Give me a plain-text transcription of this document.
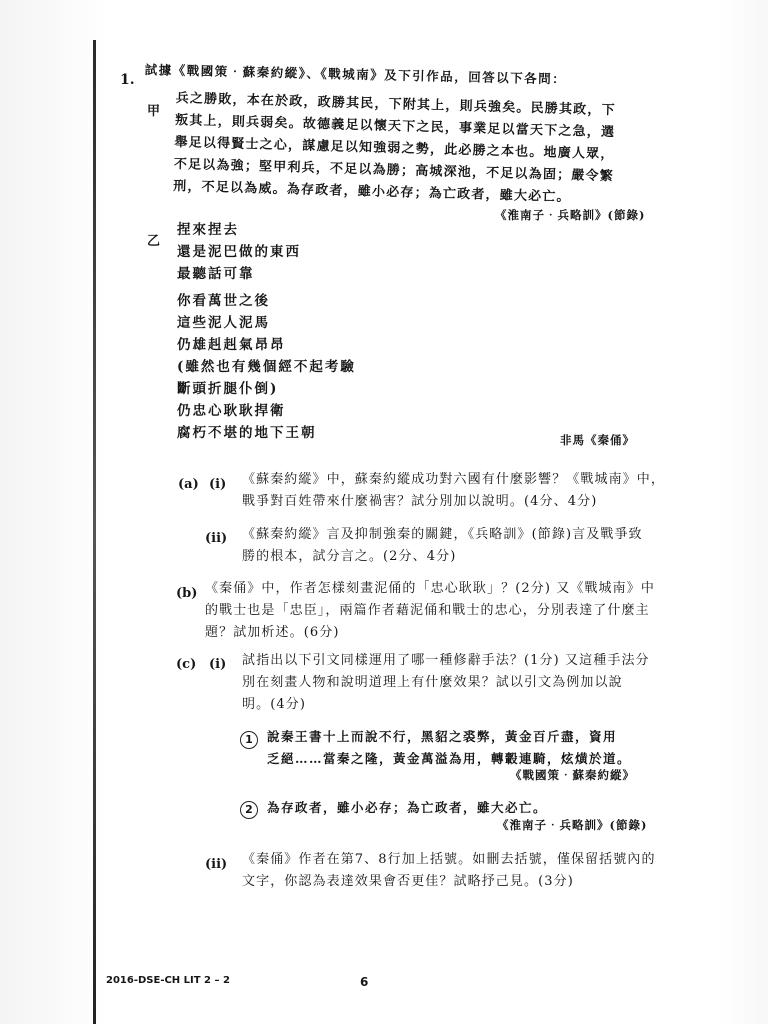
1. 試據《戰國策‧蘇秦約縱》、《戰城南》及下引作品，回答以下各問：
甲 兵之勝敗，本在於政，政勝其民，下附其上，則兵強矣。民勝其政，下
叛其上，則兵弱矣。故德義足以懷天下之民，事業足以當天下之急，選
舉足以得賢士之心，謀慮足以知強弱之勢，此必勝之本也。地廣人眾，
不足以為強；堅甲利兵，不足以為勝；高城深池，不足以為固；嚴令繁
刑，不足以為威。為存政者，雖小必存；為亡政者，雖大必亡。
《淮南子‧兵略訓》(節錄)
乙
捏來捏去
還是泥巴做的東西
最聽話可靠
你看萬世之後
這些泥人泥馬
仍雄赳赳氣昂昂
(雖然也有幾個經不起考驗
斷頭折腿仆倒)
仍忠心耿耿捍衛
腐朽不堪的地下王朝	非馬《秦俑》
(a) (i) 《蘇秦約縱》中，蘇秦約縱成功對六國有什麼影響？《戰城南》中，
戰爭對百姓帶來什麼禍害？試分別加以說明。(4分、4分)
(ii) 《蘇秦約縱》言及抑制強秦的關鍵，《兵略訓》(節錄)言及戰爭致
勝的根本，試分言之。(2分、4分)
(b) 《秦俑》中，作者怎樣刻畫泥俑的「忠心耿耿」？(2分) 又《戰城南》中
的戰士也是「忠臣」，兩篇作者藉泥俑和戰士的忠心，分別表達了什麼主
題？試加析述。(6分)
(c) (i) 試指出以下引文同樣運用了哪一種修辭手法？(1分) 又這種手法分
別在刻畫人物和說明道理上有什麼效果？試以引文為例加以說
明。(4分)
1	說秦王書十上而說不行，黑貂之裘弊，黃金百斤盡，資用
乏絕……當秦之隆，黃金萬溢為用，轉轂連騎，炫熿於道。
《戰國策‧蘇秦約縱》
2	為存政者，雖小必存；為亡政者，雖大必亡。
《淮南子‧兵略訓》(節錄)
(ii) 《秦俑》作者在第7、8行加上括號。如刪去括號，僅保留括號內的
文字，你認為表達效果會否更佳？試略抒己見。(3分)
2016-DSE-CH LIT 2 – 2	6
